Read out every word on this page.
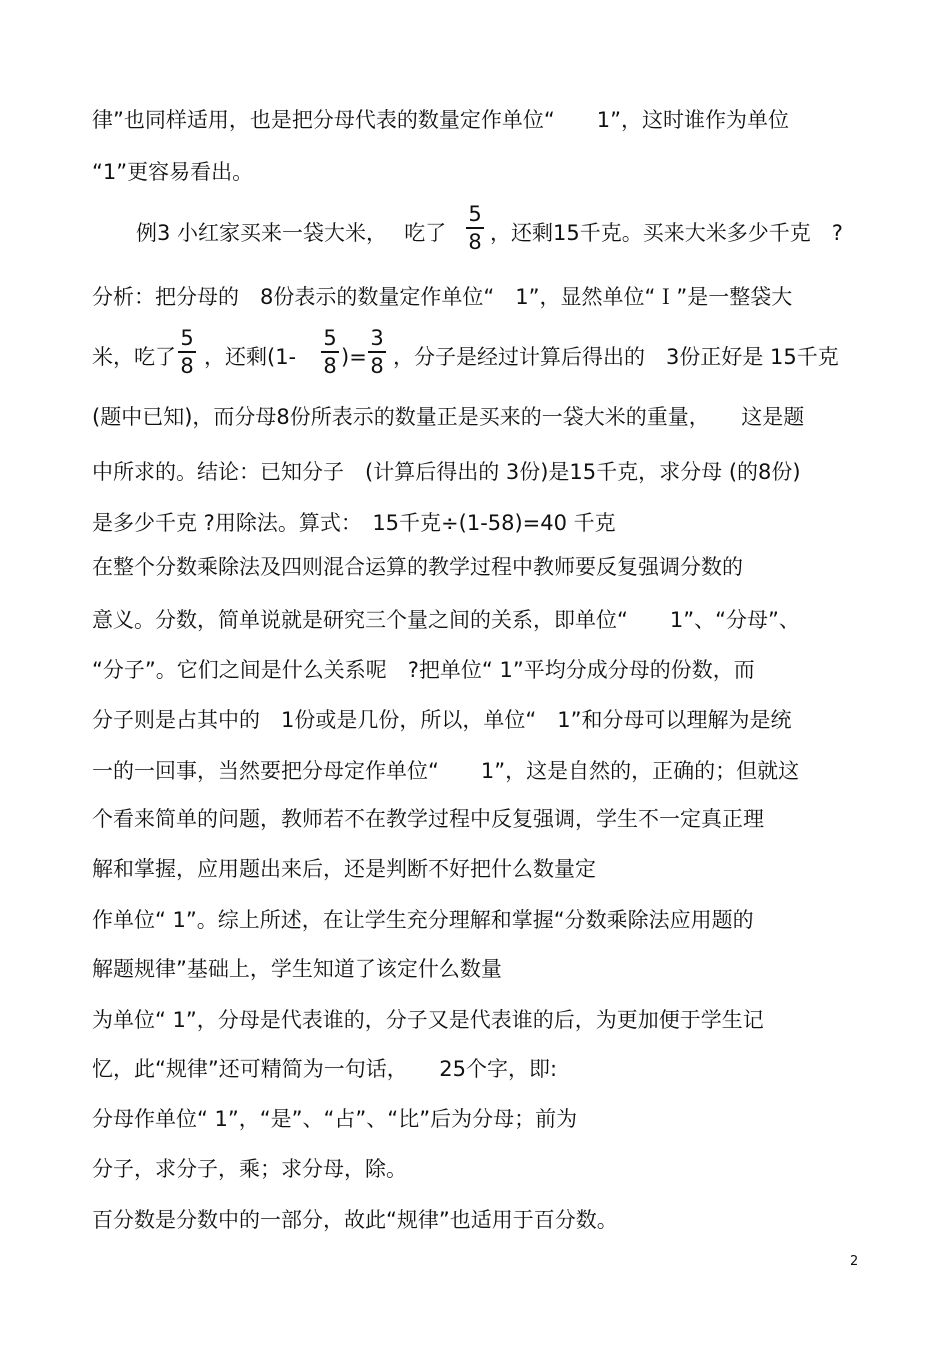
律”也同样适用，也是把分母代表的数量定作单位“　　1”，这时谁作为单位
“1”更容易看出。
例3 小红家买来一袋大米，　 吃了
5
8 ，还剩15千克。买来大米多少千克　?
分析：把分母的　8份表示的数量定作单位“　1”，显然单位“Ｉ”是一整袋大
米，吃了
5
8 ，还剩(1-
5
8 )=
3
8 ，分子是经过计算后得出的　3份正好是 15千克
(题中已知)，而分母8份所表示的数量正是买来的一袋大米的重量，　　这是题
中所求的。结论：已知分子　(计算后得出的 3份)是15千克，求分母 (的8份)
是多少千克 ?用除法。算式：　15千克÷(1-58)=40 千克
在整个分数乘除法及四则混合运算的教学过程中教师要反复强调分数的
意义。分数，简单说就是研究三个量之间的关系，即单位“　　1”、“分母”、
“分子”。它们之间是什么关系呢　?把单位“ 1”平均分成分母的份数，而
分子则是占其中的　1份或是几份，所以，单位“　1”和分母可以理解为是统
一的一回事，当然要把分母定作单位“　　1”，这是自然的，正确的；但就这
个看来简单的问题，教师若不在教学过程中反复强调，学生不一定真正理
解和掌握，应用题出来后，还是判断不好把什么数量定
作单位“ 1”。综上所述，在让学生充分理解和掌握“分数乘除法应用题的
解题规律”基础上，学生知道了该定什么数量
为单位“ 1”，分母是代表谁的，分子又是代表谁的后，为更加便于学生记
忆，此“规律”还可精简为一句话，　　25个字，即:
分母作单位“ 1”，“是”、“占”、“比”后为分母；前为
分子，求分子，乘；求分母，除。
百分数是分数中的一部分，故此“规律”也适用于百分数。
2
